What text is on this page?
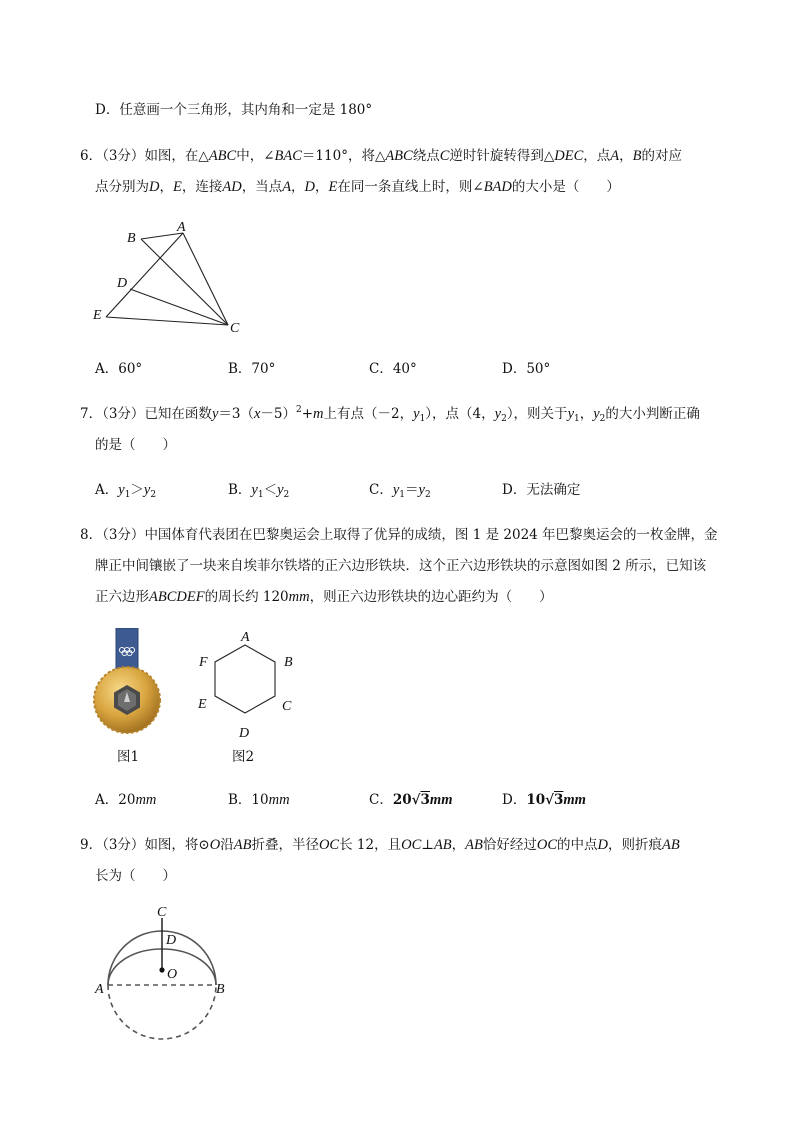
D．任意画一个三角形，其内角和一定是 180°
6．（3分）如图，在△ABC中，∠BAC＝110°，将△ABC绕点C逆时针旋转得到△DEC，点A，B的对应
点分别为D，E，连接AD，当点A，D，E在同一条直线上时，则∠BAD的大小是（　　）
B
A
D
E
C
A．60°	B．70°	C．40°	D．50°
7．（3分）已知在函数$y=3(x-5)^2+m$上有点（－2，$y_1$），点（4，$y_2$），则关于$y_1$，$y_2$的大小判断正确
的是（　　）
A．$y_1>y_2$	B．$y_1<y_2$	C．$y_1=y_2$	D．无法确定
8．（3分）中国体育代表团在巴黎奥运会上取得了优异的成绩，图 1 是 2024 年巴黎奥运会的一枚金牌，金
牌正中间镶嵌了一块来自埃菲尔铁塔的正六边形铁块．这个正六边形铁块的示意图如图 2 所示，已知该
正六边形ABCDEF的周长约 120mm，则正六边形铁块的边心距约为（　　）
图1
A
B
C
D
E
F
图2
A．20mm	B．10mm	C．20√3mm	D．10√3mm
9．（3分）如图，将⊙O沿AB折叠，半径OC长 12，且OC⊥AB，AB恰好经过OC的中点D，则折痕AB
长为（　　）
C
D
O
A	B
